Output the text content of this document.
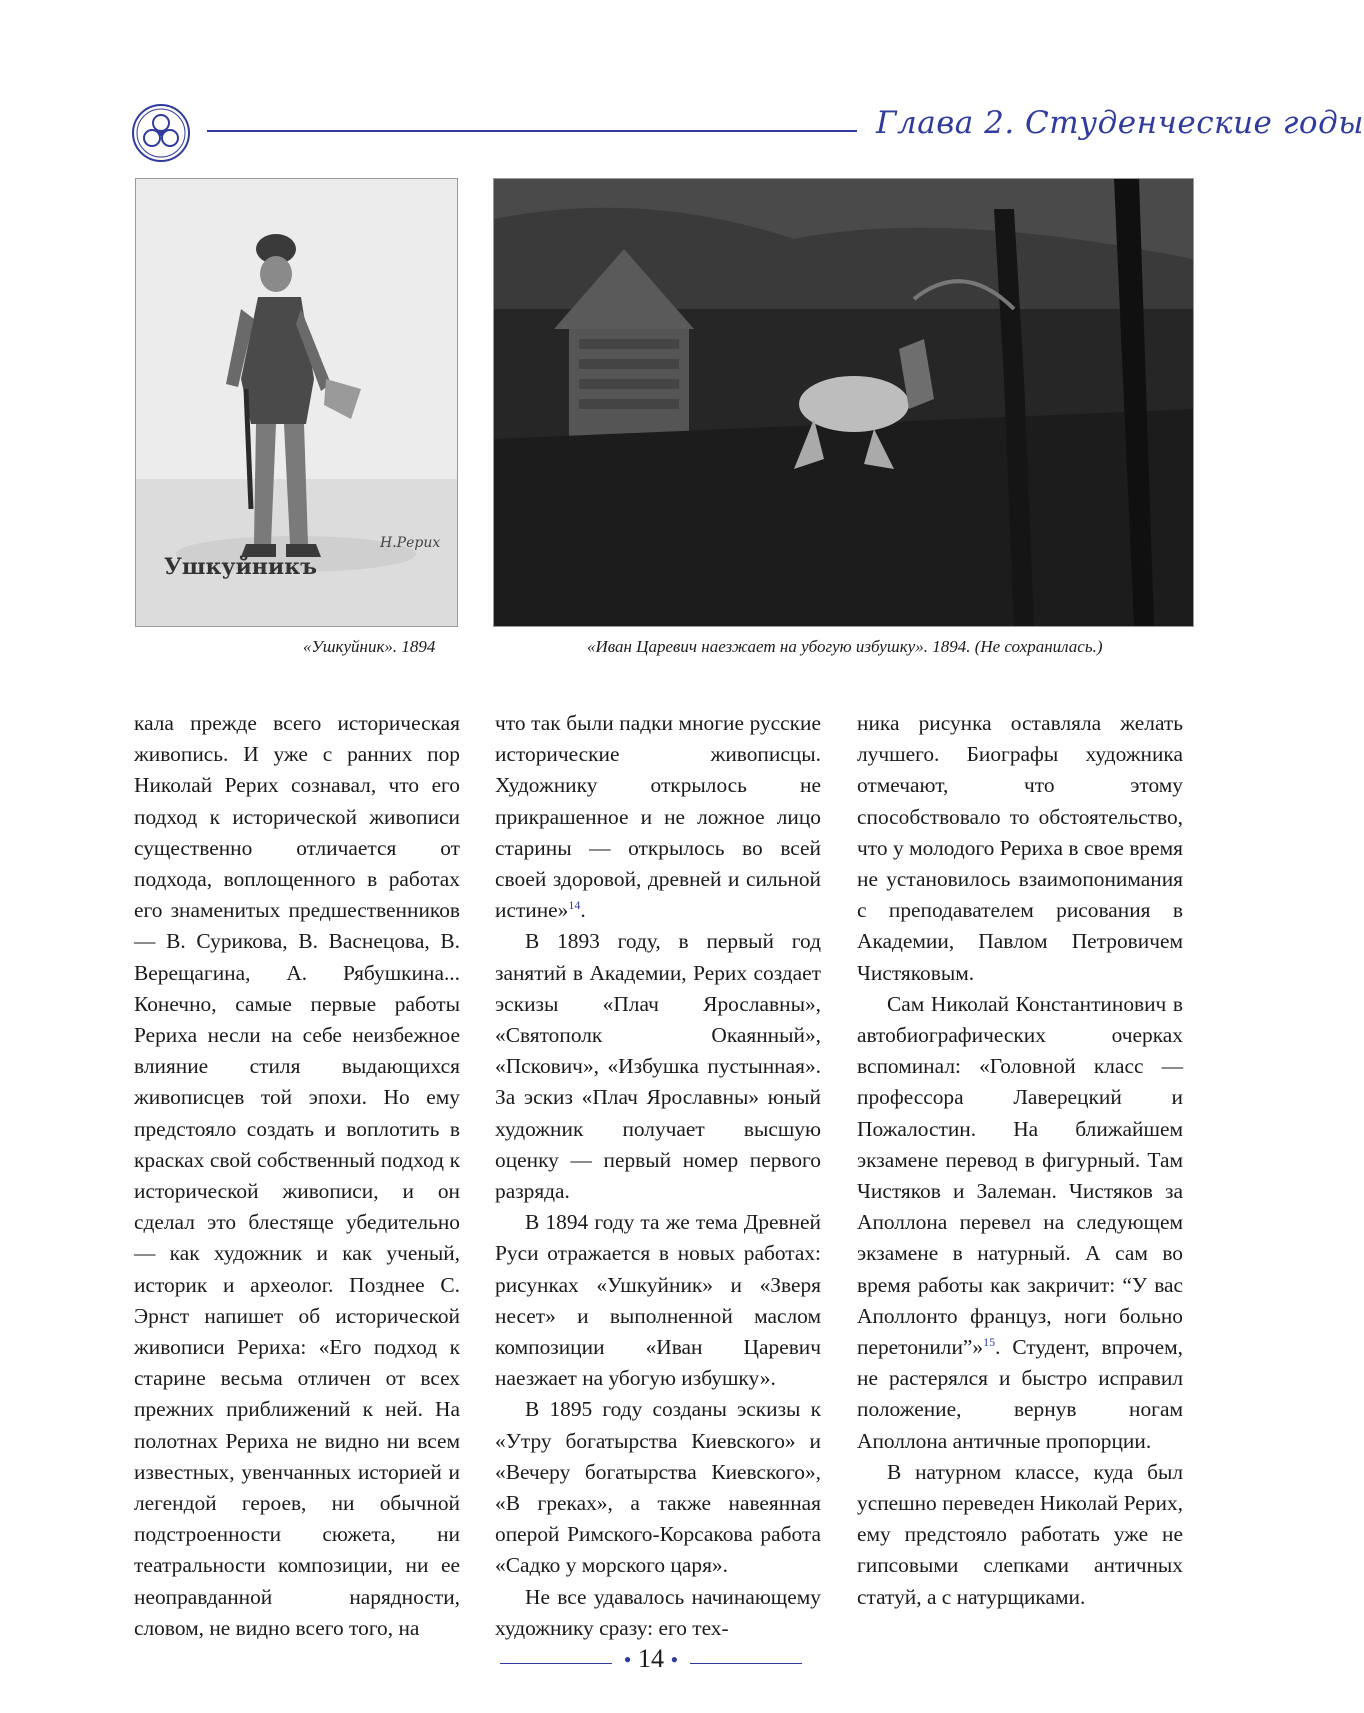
Глава 2. Студенческие годы
Н.Рерих
Ушкуйникъ
«Ушкуйник». 1894	«Иван Царевич наезжает на убогую избушку». 1894. (Не сохранилась.)

кала прежде всего историческая живопись. И уже с ранних пор Николай Рерих сознавал, что его подход к исторической живописи существенно отличается от подхода, воплощенного в работах его знаменитых предшественников — В. Сурикова, В. Васнецова, В. Верещагина, А. Рябушкина... Конечно, самые первые работы Рериха несли на себе неизбежное влияние стиля выдающихся живописцев той эпохи. Но ему предстояло создать и воплотить в красках свой собственный подход к исторической живописи, и он сделал это блестяще убедительно — как художник и как ученый, историк и археолог. Позднее С. Эрнст напишет об исторической живописи Рериха: «Его подход к старине весьма отличен от всех прежних приближений к ней. На полотнах Рериха не видно ни всем известных, увенчанных историей и легендой героев, ни обычной подстроенности сюжета, ни театральности композиции, ни ее неоправданной нарядности, словом, не видно всего того, на

что так были падки многие русские исторические живописцы. Художнику открылось не прикрашенное и не ложное лицо старины — открылось во всей своей здоровой, древней и сильной истине»$^{14}$.

В 1893 году, в первый год занятий в Академии, Рерих создает эскизы «Плач Ярославны», «Святополк Окаянный», «Пскович», «Избушка пустынная». За эскиз «Плач Ярославны» юный художник получает высшую оценку — первый номер первого разряда.

В 1894 году та же тема Древней Руси отражается в новых работах: рисунках «Ушкуйник» и «Зверя несет» и выполненной маслом композиции «Иван Царевич наезжает на убогую избушку».

В 1895 году созданы эскизы к «Утру богатырства Киевского» и «Вечеру богатырства Киевского», «В греках», а также навеянная оперой Римского-Корсакова работа «Садко у морского царя».

Не все удавалось начинающему художнику сразу: его тех-

ника рисунка оставляла желать лучшего. Биографы художника отмечают, что этому способствовало то обстоятельство, что у молодого Рериха в свое время не установилось взаимопонимания с преподавателем рисования в Академии, Павлом Петровичем Чистяковым.

Сам Николай Константинович в автобиографических очерках вспоминал: «Головной класс — профессора Лаверецкий и Пожалостин. На ближайшем экзамене перевод в фигурный. Там Чистяков и Залеман. Чистяков за Аполлона перевел на следующем экзамене в натурный. А сам во время работы как закричит: “У вас Аполлонто француз, ноги больно перетонили”»$^{15}$. Студент, впрочем, не растерялся и быстро исправил положение, вернув ногам Аполлона античные пропорции.

В натурном классе, куда был успешно переведен Николай Рерих, ему предстояло работать уже не гипсовыми слепками античных статуй, а с натурщиками.

• 14 •
